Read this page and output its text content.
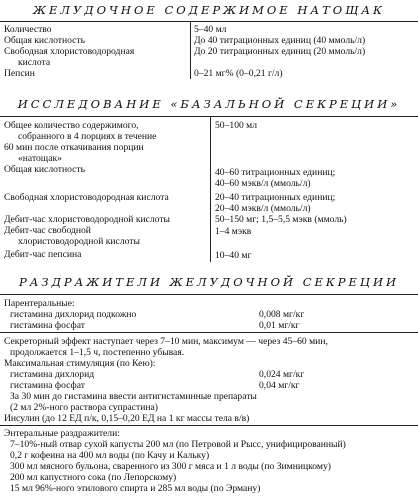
ЖЕЛУДОЧНОЕ СОДЕРЖИМОЕ НАТОЩАК
Количество	5–40 мл
Общая кислотность	До 40 титрационных единиц (40 ммоль/л)
Свободная хлористоводородная	До 20 титрационных единиц (20 ммоль/л)
кислота
Пепсин	0–21 мг% (0–0,21 г/л)
ИССЛЕДОВАНИЕ «БАЗАЛЬНОЙ СЕКРЕЦИИ»
Общее количество содержимого,	50–100 мл
собранного в 4 порциях в течение
60 мин после откачивания порции
«натощак»
Общая кислотность	40–60 титрационных единиц;
40–60 мэкв/л (ммоль/л)
Свободная хлористоводородная кислота	20–40 титрационных единиц;
20–40 мэкв/л (ммоль/л)
Дебит-час хлористоводородной кислоты	50–150 мг; 1,5–5,5 мэкв (ммоль)
Дебит-час свободной	1–4 мэкв
хлористоводородной кислоты
Дебит-час пепсина	10–40 мг
РАЗДРАЖИТЕЛИ ЖЕЛУДОЧНОЙ СЕКРЕЦИИ
Парентеральные:
гистамина дихлорид подкожно	0,008 мг/кг
гистамина фосфат	0,01 мг/кг
Секреторный эффект наступает через 7–10 мин, максимум — через 45–60 мин,
продолжается 1–1,5 ч, постепенно убывая.
Максимальная стимуляция (по Кею):
гистамина дихлорид	0,024 мг/кг
гистамина фосфат	0,04 мг/кг
За 30 мин до гистамина ввести антигистаминные препараты
(2 мл 2%-ного раствора супрастина)
Инсулин (до 12 ЕД п/к, 0,15–0,20 ЕД на 1 кг массы тела в/в)
Энтеральные раздражители:
7–10%-ный отвар сухой капусты 200 мл (по Петровой и Рысс, унифицированный)
0,2 г кофеина на 400 мл воды (по Качу и Кальку)
300 мл мясного бульона, сваренного из 300 г мяса и 1 л воды (по Зимницкому)
200 мл капустного сока (по Лепорскому)
15 мл 96%-ного этилового спирта и 285 мл воды (по Эрману)
